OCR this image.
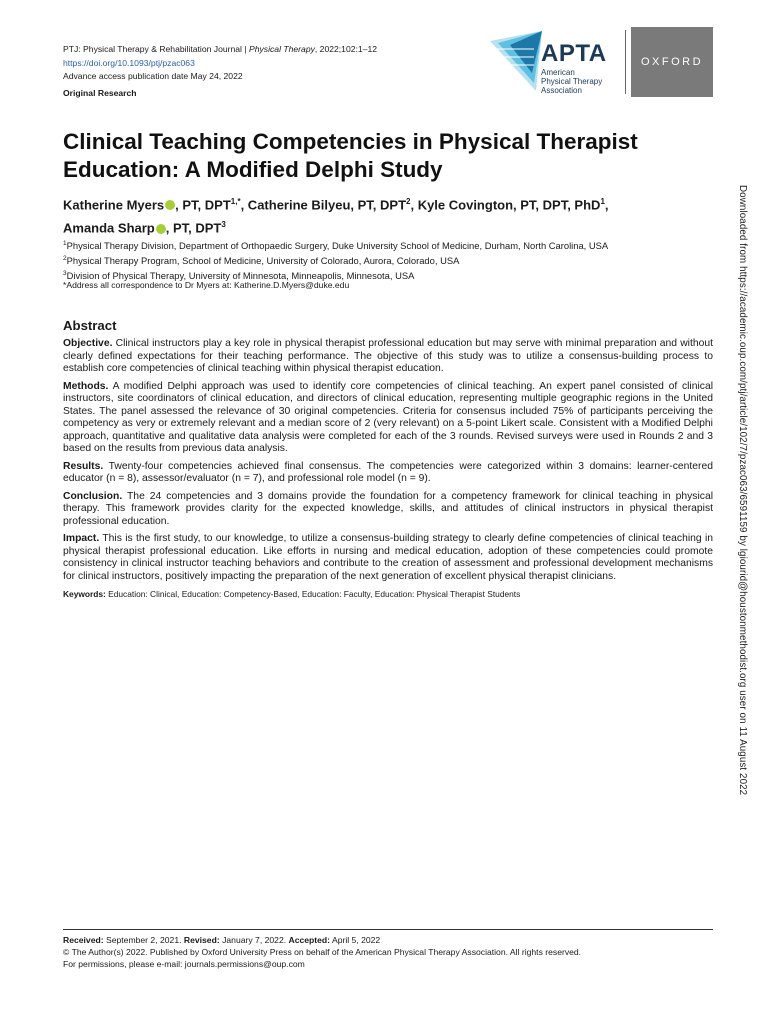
PTJ: Physical Therapy & Rehabilitation Journal | Physical Therapy, 2022;102:1–12
https://doi.org/10.1093/ptj/pzac063
Advance access publication date May 24, 2022
Original Research
APTA
American
Physical Therapy
Association
OXFORD
Clinical Teaching Competencies in Physical Therapist Education: A Modified Delphi Study
Katherine Myers , PT, $DPT^{1,*}$, Catherine Bilyeu, PT, DPT$^2$, Kyle Covington, PT, DPT, PhD$^1$,
Amanda Sharp , PT, DPT$^3$
$^1$Physical Therapy Division, Department of Orthopaedic Surgery, Duke University School of Medicine, Durham, North Carolina, USA
$^2$Physical Therapy Program, School of Medicine, University of Colorado, Aurora, Colorado, USA
$^3$Division of Physical Therapy, University of Minnesota, Minneapolis, Minnesota, USA
*Address all correspondence to Dr Myers at: Katherine.D.Myers@duke.edu
Abstract

Objective. Clinical instructors play a key role in physical therapist professional education but may serve with minimal preparation and without clearly defined expectations for their teaching performance. The objective of this study was to utilize a consensus-building process to establish core competencies of clinical teaching within physical therapist education.

Methods. A modified Delphi approach was used to identify core competencies of clinical teaching. An expert panel consisted of clinical instructors, site coordinators of clinical education, and directors of clinical education, representing multiple geographic regions in the United States. The panel assessed the relevance of 30 original competencies. Criteria for consensus included 75% of participants perceiving the competency as very or extremely relevant and a median score of 2 (very relevant) on a 5-point Likert scale. Consistent with a Modified Delphi approach, quantitative and qualitative data analysis were completed for each of the 3 rounds. Revised surveys were used in Rounds 2 and 3 based on the results from previous data analysis.

Results. Twenty-four competencies achieved final consensus. The competencies were categorized within 3 domains: learner-centered educator (n = 8), assessor/evaluator (n = 7), and professional role model (n = 9).

Conclusion. The 24 competencies and 3 domains provide the foundation for a competency framework for clinical teaching in physical therapy. This framework provides clarity for the expected knowledge, skills, and attitudes of clinical instructors in physical therapist professional education.

Impact. This is the first study, to our knowledge, to utilize a consensus-building strategy to clearly define competencies of clinical teaching in physical therapist professional education. Like efforts in nursing and medical education, adoption of these competencies could promote consistency in clinical instructor teaching behaviors and contribute to the creation of assessment and professional development mechanisms for clinical instructors, positively impacting the preparation of the next generation of excellent physical therapist clinicians.

Keywords: Education: Clinical, Education: Competency-Based, Education: Faculty, Education: Physical Therapist Students	Downloaded from https://academic.oup.com/ptj/article/102/7/pzac063/6591159 by lgiourid@houstonmethodist.org user on 11 August 2022
Received: September 2, 2021. Revised: January 7, 2022. Accepted: April 5, 2022
© The Author(s) 2022. Published by Oxford University Press on behalf of the American Physical Therapy Association. All rights reserved.
For permissions, please e-mail: journals.permissions@oup.com
